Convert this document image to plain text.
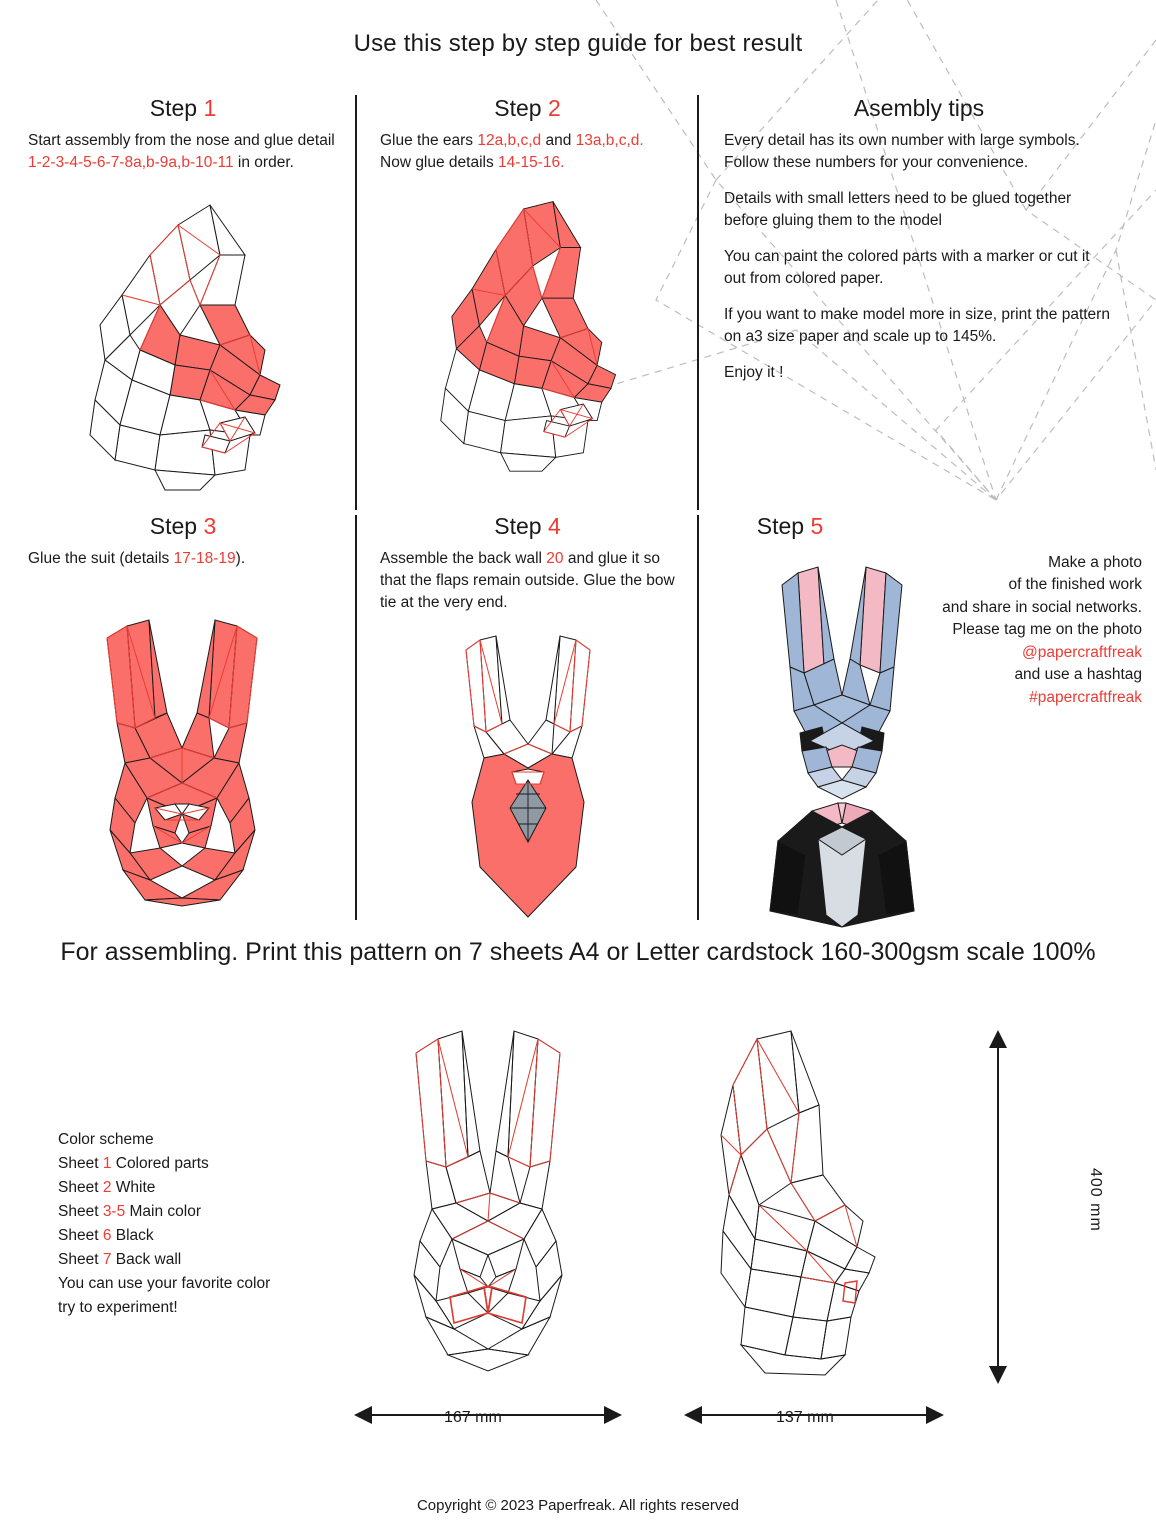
Use this step by step guide for best result
Step 1
Start assembly from the nose and glue detail 1-2-3-4-5-6-7-8a,b-9a,b-10-11 in order.
Step 2
Glue the ears 12a,b,c,d and 13a,b,c,d. Now glue details 14-15-16.
Asembly tips

Every detail has its own number with large symbols. Follow these numbers for your convenience.

Details with small letters need to be glued together before gluing them to the model

You can paint the colored parts with a marker or cut it out from colored paper.

If you want to make model more in size, print the pattern on a3 size paper and scale up to 145%.

Enjoy it !

Step 3
Glue the suit (details 17-18-19).
Step 4
Assemble the back wall 20 and glue it so that the flaps remain outside. Glue the bow tie at the very end.
Step 5
Make a photo
of the finished work
and share in social networks.
Please tag me on the photo
@papercraftfreak
and use a hashtag
#papercraftfreak
For assembling. Print this pattern on 7 sheets A4 or Letter cardstock 160-300gsm scale 100%
Color scheme
Sheet 1 Colored parts
Sheet 2 White
Sheet 3-5 Main color
Sheet 6 Black
Sheet 7 Back wall
You can use your favorite color
try to experiment!
167 mm	137 mm
400 mm
Copyright © 2023 Paperfreak. All rights reserved
